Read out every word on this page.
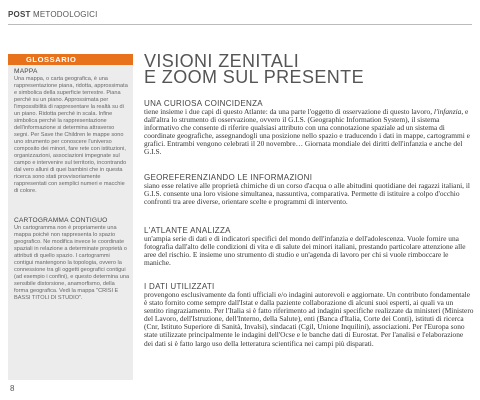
POST METODOLOGICI
GLOSSARIO
MAPPA
Una mappa, o carta geografica, è una rappresentazione piana, ridotta, approssimata e simbolica della superficie terrestre. Piana perché su un piano. Approssimata per l'impossibilità di rappresentare la realtà su di un piano. Ridotta perché in scala. Infine simbolica perché la rappresentazione dell'informazione si determina attraverso segni. Per Save the Children le mappe sono uno strumento per conoscere l'universo composito dei minori, fare rete con istituzioni, organizzazioni, associazioni impegnate sul campo e intervenire sul territorio, incontrando dal vero alluni di quei bambini che in questa ricerca sono stati provvisoriamente rappresentati con semplici numeri e macchie di colore.
CARTOGRAMMA CONTIGUO
Un cartogramma non è propriamente una mappa poiché non rappresenta lo spazio geografico. Ne modifica invece le coordinate spaziali in relazione a determinate proprietà o attributi di quello spazio. I cartogrammi contigui mantengono la topologia, ovvero la connessione tra gli oggetti geografici contigui (ad esempio i confini), e questo determina una sensibile distorsione, anamorfismo, della forma geografica. Vedi la mappa "CRISI E BASSI TITOLI DI STUDIO".
8
VISIONI ZENITALI
E ZOOM SUL PRESENTE
UNA CURIOSA COINCIDENZA
tiene insieme i due capi di questo Atlante: da una parte l'oggetto di osservazione di questo lavoro, l'infanzia, e dall'altra lo strumento di osservazione, ovvero il G.I.S. (Geographic Information System), il sistema informativo che consente di riferire qualsiasi attributo con una connotazione spaziale ad un sistema di coordinate geografiche, assegnandogli una posizione nello spazio e traducendo i dati in mappe, cartogrammi e grafici. Entrambi vengono celebrati il 20 novembre… Giornata mondiale dei diritti dell'infanzia e anche del G.I.S.
GEOREFERENZIANDO LE INFORMAZIONI
siano esse relative alle proprietà chimiche di un corso d'acqua o alle abitudini quotidiane dei ragazzi italiani, il G.I.S. consente una loro visione simultanea, nassuntiva, comparativa. Permette di istituire a colpo d'occhio confronti tra aree diverse, orientare scelte e programmi di intervento.
L'ATLANTE ANALIZZA
un'ampia serie di dati e di indicatori specifici del mondo dell'infanzia e dell'adolescenza. Vuole fornire una fotografia dall'alto delle condizioni di vita e di salute dei minori italiani, prestando particolare attenzione alle aree del rischio. E insieme uno strumento di studio e un'agenda di lavoro per chi si vuole rimboccare le maniche.
I DATI UTILIZZATI
provengono esclusivamente da fonti ufficiali e/o indagini autorevoli e aggiornate. Un contributo fondamentale è stato fornito come sempre dall'Istat e dalla paziente collaborazione di alcuni suoi esperti, ai quali va un sentito ringraziamento. Per l'Italia si è fatto riferimento ad indagini specifiche realizzate da ministeri (Ministero del Lavoro, dell'Istruzione, dell'Interno, della Salute), enti (Banca d'Italia, Corte dei Conti), istituti di ricerca (Cnr, Istituto Superiore di Sanità, Invalsi), sindacati (Cgil, Unione Inquilini), associazioni. Per l'Europa sono state utilizzate principalmente le indagini dell'Ocse e le banche dati di Eurostat. Per l'analisi e l'elaborazione dei dati si è fatto largo uso della letteratura scientifica nei campi più disparati.
